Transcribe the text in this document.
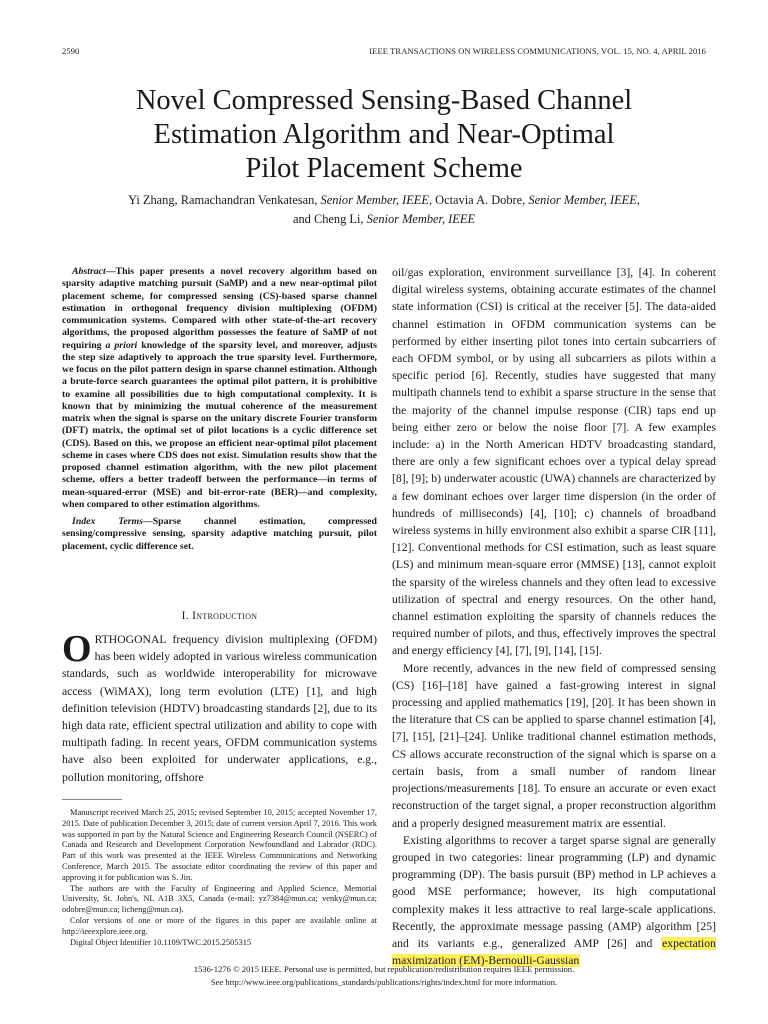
2590	IEEE TRANSACTIONS ON WIRELESS COMMUNICATIONS, VOL. 15, NO. 4, APRIL 2016
Novel Compressed Sensing-Based Channel
Estimation Algorithm and Near-Optimal
Pilot Placement Scheme
Yi Zhang, Ramachandran Venkatesan, Senior Member, IEEE, Octavia A. Dobre, Senior Member, IEEE,
and Cheng Li, Senior Member, IEEE

Abstract—This paper presents a novel recovery algorithm based on sparsity adaptive matching pursuit (SaMP) and a new near-optimal pilot placement scheme, for compressed sensing (CS)-based sparse channel estimation in orthogonal frequency division multiplexing (OFDM) communication systems. Compared with other state-of-the-art recovery algorithms, the proposed algorithm possesses the feature of SaMP of not requiring a priori knowledge of the sparsity level, and moreover, adjusts the step size adaptively to approach the true sparsity level. Furthermore, we focus on the pilot pattern design in sparse channel estimation. Although a brute-force search guarantees the optimal pilot pattern, it is prohibitive to examine all possibilities due to high computational complexity. It is known that by minimizing the mutual coherence of the measurement matrix when the signal is sparse on the unitary discrete Fourier transform (DFT) matrix, the optimal set of pilot locations is a cyclic difference set (CDS). Based on this, we propose an efficient near-optimal pilot placement scheme in cases where CDS does not exist. Simulation results show that the proposed channel estimation algorithm, with the new pilot placement scheme, offers a better tradeoff between the performance—in terms of mean-squared-error (MSE) and bit-error-rate (BER)—and complexity, when compared to other estimation algorithms.

Index Terms—Sparse channel estimation, compressed sensing/compressive sensing, sparsity adaptive matching pursuit, pilot placement, cyclic difference set.

I. Introduction
ORTHOGONAL frequency division multiplexing (OFDM) has been widely adopted in various wireless communication standards, such as worldwide interoperability for microwave access (WiMAX), long term evolution (LTE) [1], and high definition television (HDTV) broadcasting standards [2], due to its high data rate, efficient spectral utilization and ability to cope with multipath fading. In recent years, OFDM communication systems have also been exploited for underwater applications, e.g., pollution monitoring, offshore

Manuscript received March 25, 2015; revised September 10, 2015; accepted November 17, 2015. Date of publication December 3, 2015; date of current version April 7, 2016. This work was supported in part by the Natural Science and Engineering Research Council (NSERC) of Canada and Research and Development Corporation Newfoundland and Labrador (RDC). Part of this work was presented at the IEEE Wireless Communications and Networking Conference, March 2015. The associate editor coordinating the review of this paper and approving it for publication was S. Jin.

The authors are with the Faculty of Engineering and Applied Science, Memorial University, St. John's, NL A1B 3X5, Canada (e-mail: yz7384@mun.ca; venky@mun.ca; odobre@mun.ca; licheng@mun.ca).

Color versions of one or more of the figures in this paper are available online at http://ieeexplore.ieee.org.

Digital Object Identifier 10.1109/TWC.2015.2505315

oil/gas exploration, environment surveillance [3], [4]. In coherent digital wireless systems, obtaining accurate estimates of the channel state information (CSI) is critical at the receiver [5]. The data-aided channel estimation in OFDM communication systems can be performed by either inserting pilot tones into certain subcarriers of each OFDM symbol, or by using all subcarriers as pilots within a specific period [6]. Recently, studies have suggested that many multipath channels tend to exhibit a sparse structure in the sense that the majority of the channel impulse response (CIR) taps end up being either zero or below the noise floor [7]. A few examples include: a) in the North American HDTV broadcasting standard, there are only a few significant echoes over a typical delay spread [8], [9]; b) underwater acoustic (UWA) channels are characterized by a few dominant echoes over larger time dispersion (in the order of hundreds of milliseconds) [4], [10]; c) channels of broadband wireless systems in hilly environment also exhibit a sparse CIR [11], [12]. Conventional methods for CSI estimation, such as least square (LS) and minimum mean-square error (MMSE) [13], cannot exploit the sparsity of the wireless channels and they often lead to excessive utilization of spectral and energy resources. On the other hand, channel estimation exploiting the sparsity of channels reduces the required number of pilots, and thus, effectively improves the spectral and energy efficiency [4], [7], [9], [14], [15].

More recently, advances in the new field of compressed sensing (CS) [16]–[18] have gained a fast-growing interest in signal processing and applied mathematics [19], [20]. It has been shown in the literature that CS can be applied to sparse channel estimation [4], [7], [15], [21]–[24]. Unlike traditional channel estimation methods, CS allows accurate reconstruction of the signal which is sparse on a certain basis, from a small number of random linear projections/measurements [18]. To ensure an accurate or even exact reconstruction of the target signal, a proper reconstruction algorithm and a properly designed measurement matrix are essential.

Existing algorithms to recover a target sparse signal are generally grouped in two categories: linear programming (LP) and dynamic programming (DP). The basis pursuit (BP) method in LP achieves a good MSE performance; however, its high computational complexity makes it less attractive to real large-scale applications. Recently, the approximate message passing (AMP) algorithm [25] and its variants e.g., generalized AMP [26] and expectation maximization (EM)-Bernoulli-Gaussian

1536-1276 © 2015 IEEE. Personal use is permitted, but republication/redistribution requires IEEE permission.
See http://www.ieee.org/publications_standards/publications/rights/index.html for more information.
